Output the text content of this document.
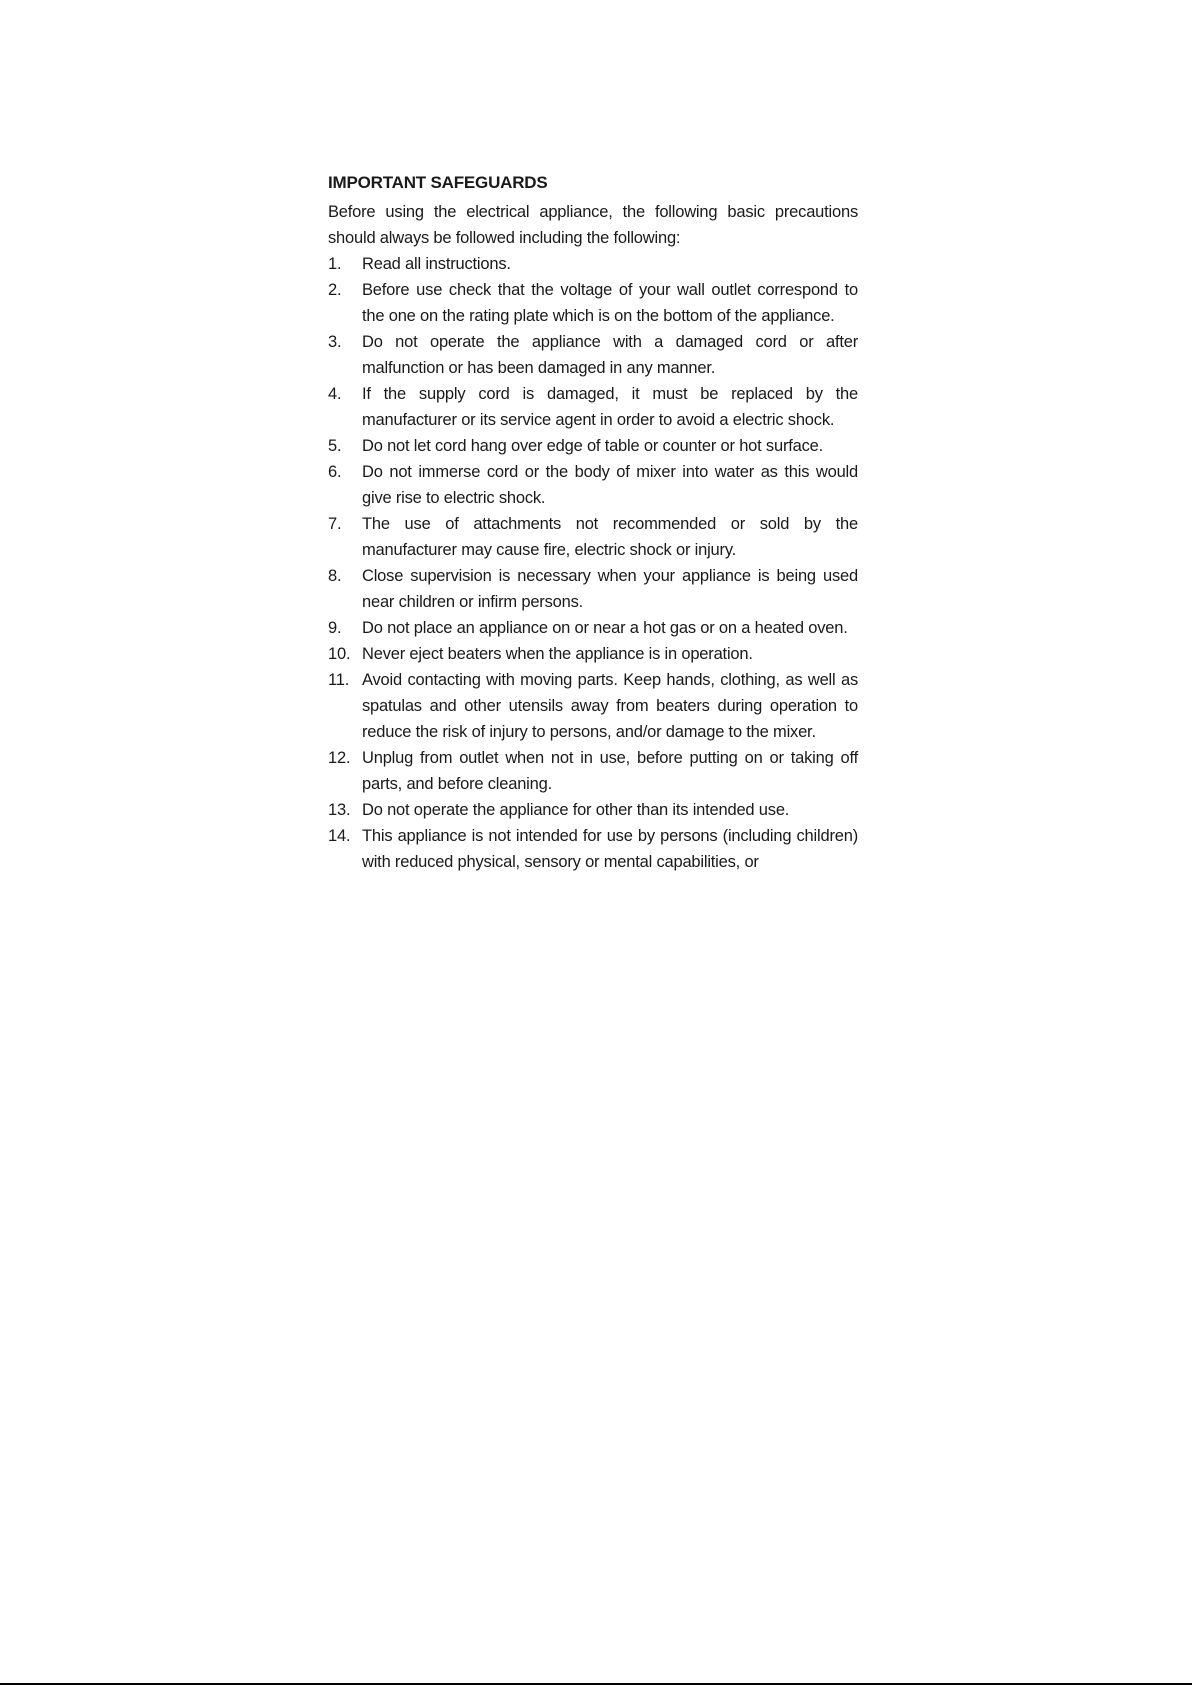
IMPORTANT SAFEGUARDS

Before using the electrical appliance, the following basic precautions should always be followed including the following:

1.	Read all instructions.
2.	Before use check that the voltage of your wall outlet correspond to the one on the rating plate which is on the bottom of the appliance.
3.	Do not operate the appliance with a damaged cord or after malfunction or has been damaged in any manner.
4.	If the supply cord is damaged, it must be replaced by the manufacturer or its service agent in order to avoid a electric shock.
5.	Do not let cord hang over edge of table or counter or hot surface.
6.	Do not immerse cord or the body of mixer into water as this would give rise to electric shock.
7.	The use of attachments not recommended or sold by the manufacturer may cause fire, electric shock or injury.
8.	Close supervision is necessary when your appliance is being used near children or infirm persons.
9.	Do not place an appliance on or near a hot gas or on a heated oven.
10. Never eject beaters when the appliance is in operation.
11. Avoid contacting with moving parts. Keep hands, clothing, as well as spatulas and other utensils away from beaters during operation to reduce the risk of injury to persons, and/or damage to the mixer.
12. Unplug from outlet when not in use, before putting on or taking off parts, and before cleaning.
13. Do not operate the appliance for other than its intended use.
14. This appliance is not intended for use by persons (including children) with reduced physical, sensory or mental capabilities, or
